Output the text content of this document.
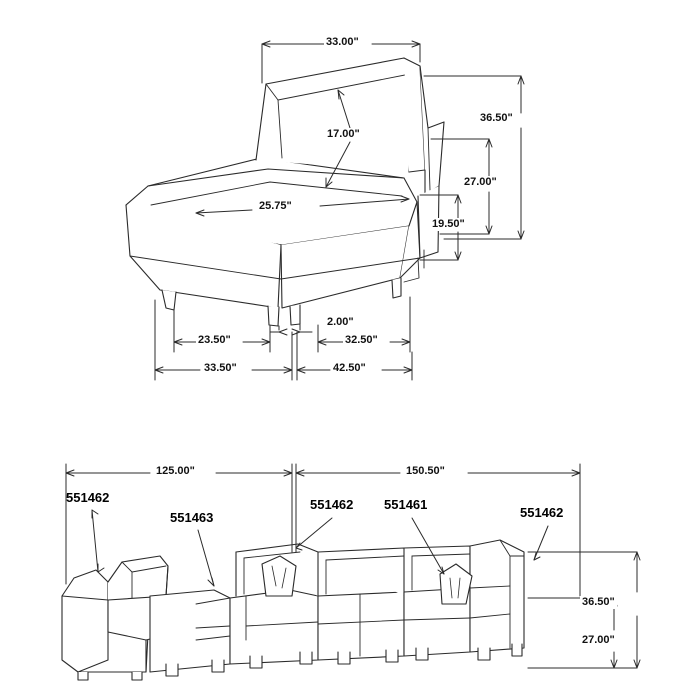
33.00"
17.00"
25.75"
36.50"
27.00"
19.50"
23.50"
2.00"
32.50"
33.50"	42.50"
125.00"	150.50"
36.50"
27.00"
551462
551463
551462 551461
551462
